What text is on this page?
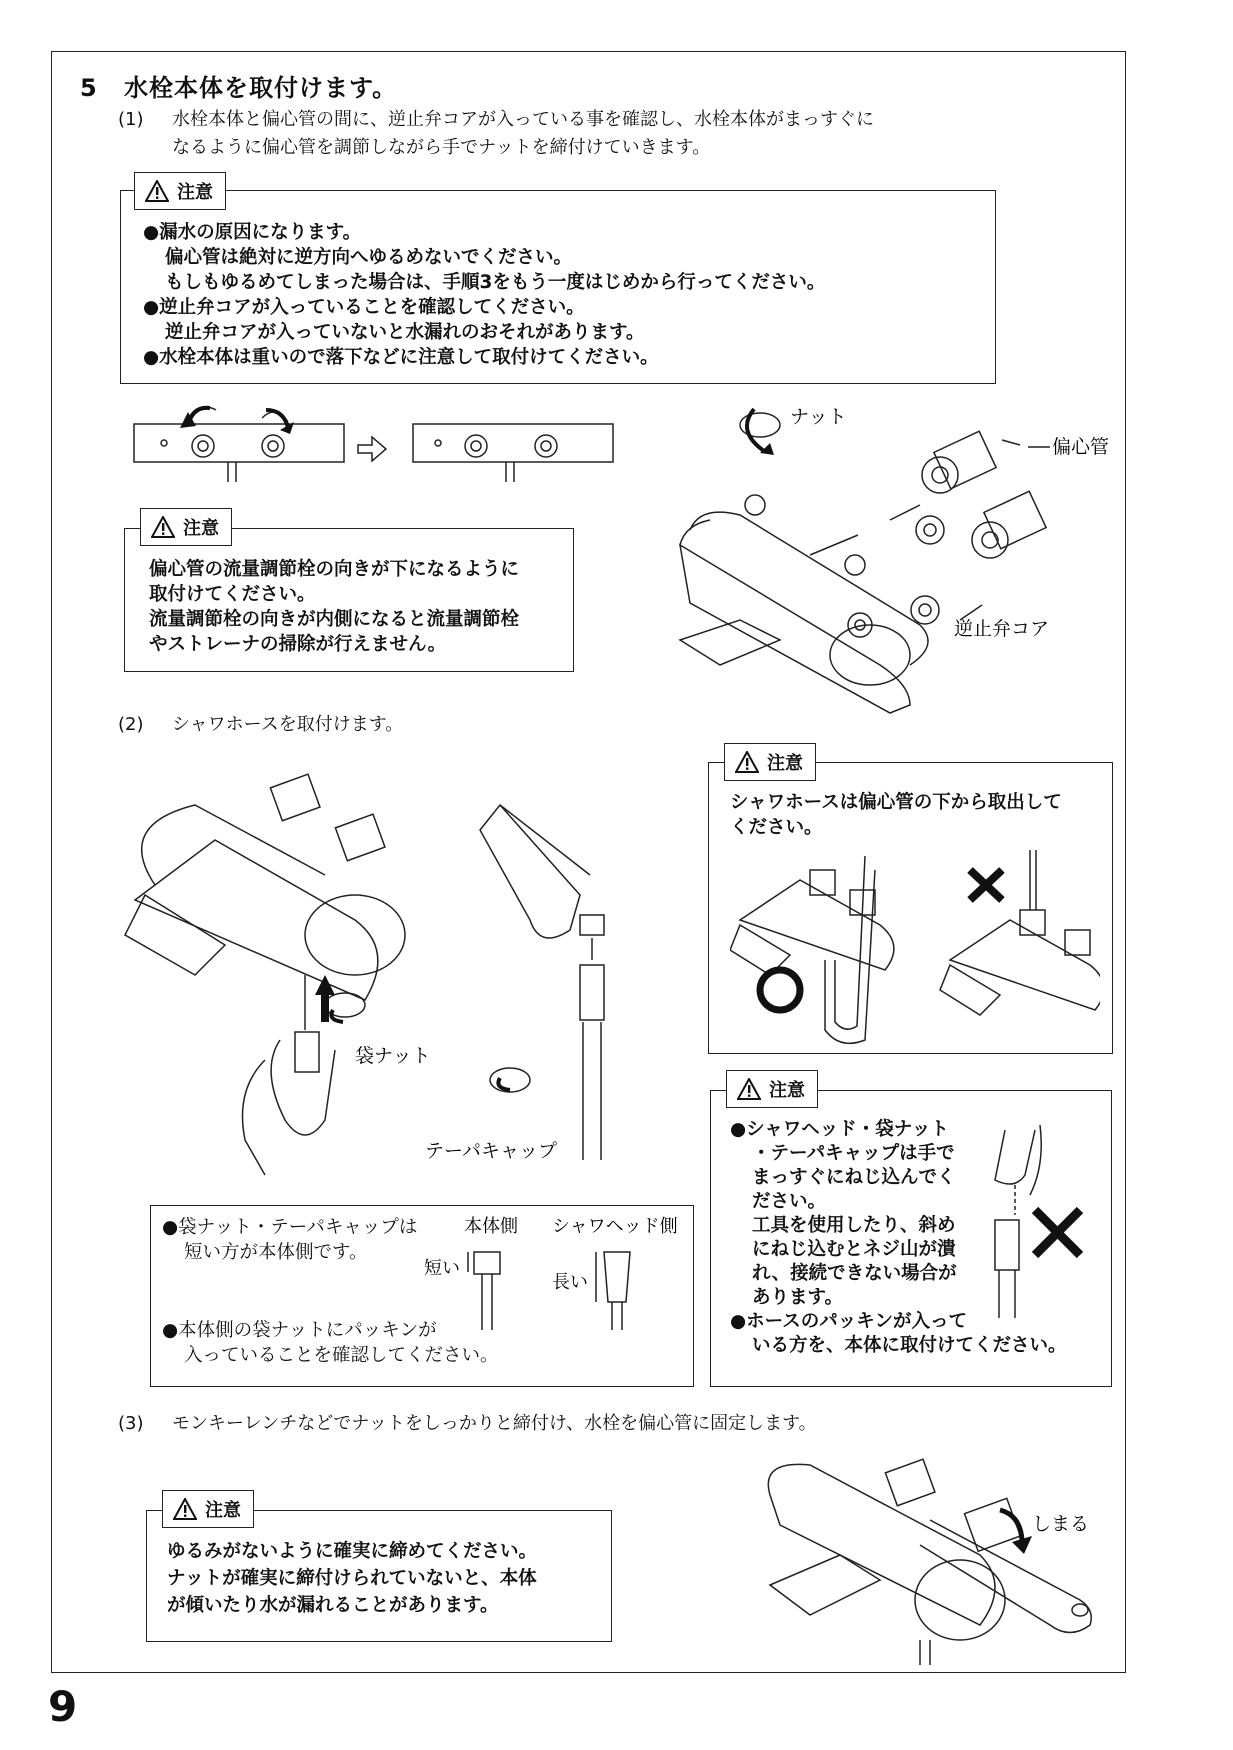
5 水栓本体を取付けます。
(1) 水栓本体と偏心管の間に、逆止弁コアが入っている事を確認し、水栓本体がまっすぐに
なるように偏心管を調節しながら手でナットを締付けていきます。
注意

●漏水の原因になります。

偏心管は絶対に逆方向へゆるめないでください。

もしもゆるめてしまった場合は、手順3をもう一度はじめから行ってください。

●逆止弁コアが入っていることを確認してください。

逆止弁コアが入っていないと水漏れのおそれがあります。

●水栓本体は重いので落下などに注意して取付けてください。

注意

偏心管の流量調節栓の向きが下になるように

取付けてください。

流量調節栓の向きが内側になると流量調節栓

やストレーナの掃除が行えません。

ナット
偏心管
逆止弁コア
(2) シャワホースを取付けます。
袋ナット
テーパキャップ
注意

シャワホースは偏心管の下から取出して

ください。

●袋ナット・テーパキャップは

短い方が本体側です。

●本体側の袋ナットにパッキンが

入っていることを確認してください。

本体側 シャワヘッド側
短い
長い
注意

●シャワヘッド・袋ナット

・テーパキャップは手で

まっすぐにねじ込んでく

ださい。

工具を使用したり、斜め

にねじ込むとネジ山が潰

れ、接続できない場合が

あります。

●ホースのパッキンが入って

いる方を、本体に取付けてください。

(3) モンキーレンチなどでナットをしっかりと締付け、水栓を偏心管に固定します。
注意

ゆるみがないように確実に締めてください。

ナットが確実に締付けられていないと、本体

が傾いたり水が漏れることがあります。

しまる
9
